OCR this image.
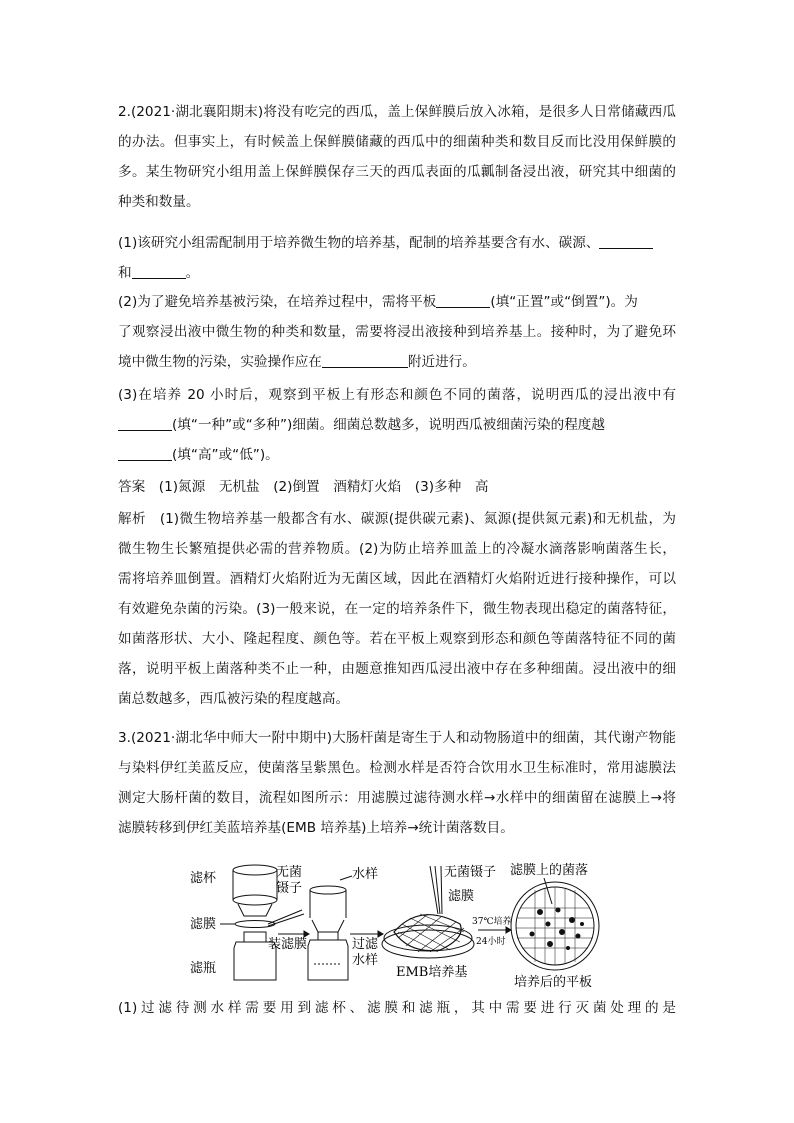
2.(2021·湖北襄阳期末)将没有吃完的西瓜，盖上保鲜膜后放入冰箱，是很多人日常储藏西瓜
的办法。但事实上，有时候盖上保鲜膜储藏的西瓜中的细菌种类和数目反而比没用保鲜膜的
多。某生物研究小组用盖上保鲜膜保存三天的西瓜表面的瓜瓤制备浸出液，研究其中细菌的
种类和数量。
(1)该研究小组需配制用于培养微生物的培养基，配制的培养基要含有水、碳源、
和	。
(2)为了避免培养基被污染，在培养过程中，需将平板	(填“正置”或“倒置”)。为
了观察浸出液中微生物的种类和数量，需要将浸出液接种到培养基上。接种时，为了避免环
境中微生物的污染，实验操作应在	附近进行。
(3)在培养 20 小时后，观察到平板上有形态和颜色不同的菌落，说明西瓜的浸出液中有
(填“一种”或“多种”)细菌。细菌总数越多，说明西瓜被细菌污染的程度越
(填“高”或“低”)。
答案　(1)氮源　无机盐　(2)倒置　酒精灯火焰　(3)多种　高
解析　(1)微生物培养基一般都含有水、碳源(提供碳元素)、氮源(提供氮元素)和无机盐，为
微生物生长繁殖提供必需的营养物质。(2)为防止培养皿盖上的冷凝水滴落影响菌落生长，
需将培养皿倒置。酒精灯火焰附近为无菌区域，因此在酒精灯火焰附近进行接种操作，可以
有效避免杂菌的污染。(3)一般来说，在一定的培养条件下，微生物表现出稳定的菌落特征，
如菌落形状、大小、隆起程度、颜色等。若在平板上观察到形态和颜色等菌落特征不同的菌
落，说明平板上菌落种类不止一种，由题意推知西瓜浸出液中存在多种细菌。浸出液中的细
菌总数越多，西瓜被污染的程度越高。
3.(2021·湖北华中师大一附中期中)大肠杆菌是寄生于人和动物肠道中的细菌，其代谢产物能
与染料伊红美蓝反应，使菌落呈紫黑色。检测水样是否符合饮用水卫生标准时，常用滤膜法
测定大肠杆菌的数目，流程如图所示：用滤膜过滤待测水样→水样中的细菌留在滤膜上→将
滤膜转移到伊红美蓝培养基(EMB 培养基)上培养→统计菌落数目。
滤杯	无菌
镊子
滤膜
滤瓶
装滤膜
水样
过滤
水样
无菌镊子
滤膜
EMB培养基
37℃培养
24小时
滤膜上的菌落
培养后的平板
(1)过滤待测水样需要用到滤杯、滤膜和滤瓶，其中需要进行灭菌处理的是
